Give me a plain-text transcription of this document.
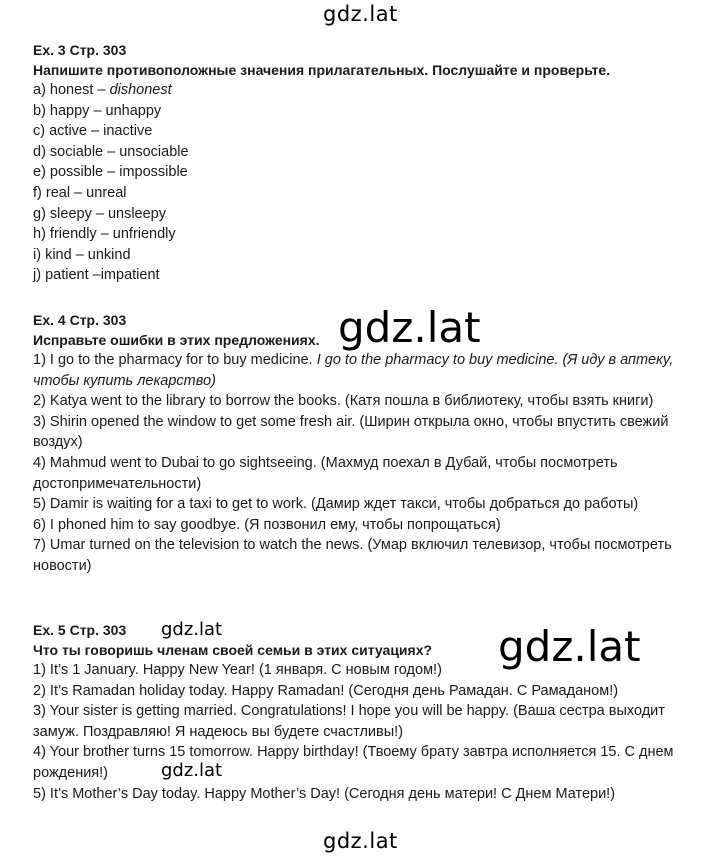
gdz.lat
Ex. 3 Стр. 303
Напишите противоположные значения прилагательных. Послушайте и проверьте.
a) honest – dishonest
b) happy – unhappy
c) active – inactive
d) sociable – unsociable
e) possible – impossible
f) real – unreal
g) sleepy – unsleepy
h) friendly – unfriendly
i) kind – unkind
j) patient –impatient
Ex. 4 Стр. 303
Исправьте ошибки в этих предложениях.
1) I go to the pharmacy for to buy medicine. I go to the pharmacy to buy medicine. (Я иду в аптеку, чтобы купить лекарство)
2) Katya went to the library to borrow the books. (Катя пошла в библиотеку, чтобы взять книги)
3) Shirin opened the window to get some fresh air. (Ширин открыла окно, чтобы впустить свежий воздух)
4) Mahmud went to Dubai to go sightseeing. (Махмуд поехал в Дубай, чтобы посмотреть достопримечательности)
5) Damir is waiting for a taxi to get to work. (Дамир ждет такси, чтобы добраться до работы)
6) I phoned him to say goodbye. (Я позвонил ему, чтобы попрощаться)
7) Umar turned on the television to watch the news. (Умар включил телевизор, чтобы посмотреть новости)
Ex. 5 Стр. 303
Что ты говоришь членам своей семьи в этих ситуациях?
1) It’s 1 January. Happy New Year! (1 января. С новым годом!)
2) It’s Ramadan holiday today. Happy Ramadan! (Сегодня день Рамадан. С Рамаданом!)
3) Your sister is getting married. Congratulations! I hope you will be happy. (Ваша сестра выходит замуж. Поздравляю! Я надеюсь вы будете счастливы!)
4) Your brother turns 15 tomorrow. Happy birthday! (Твоему брату завтра исполняется 15. С днем рождения!)
5) It’s Mother’s Day today. Happy Mother’s Day! (Сегодня день матери! С Днем Матери!)
gdz.lat
gdz.lat
gdz.lat
gdz.lat
gdz.lat
